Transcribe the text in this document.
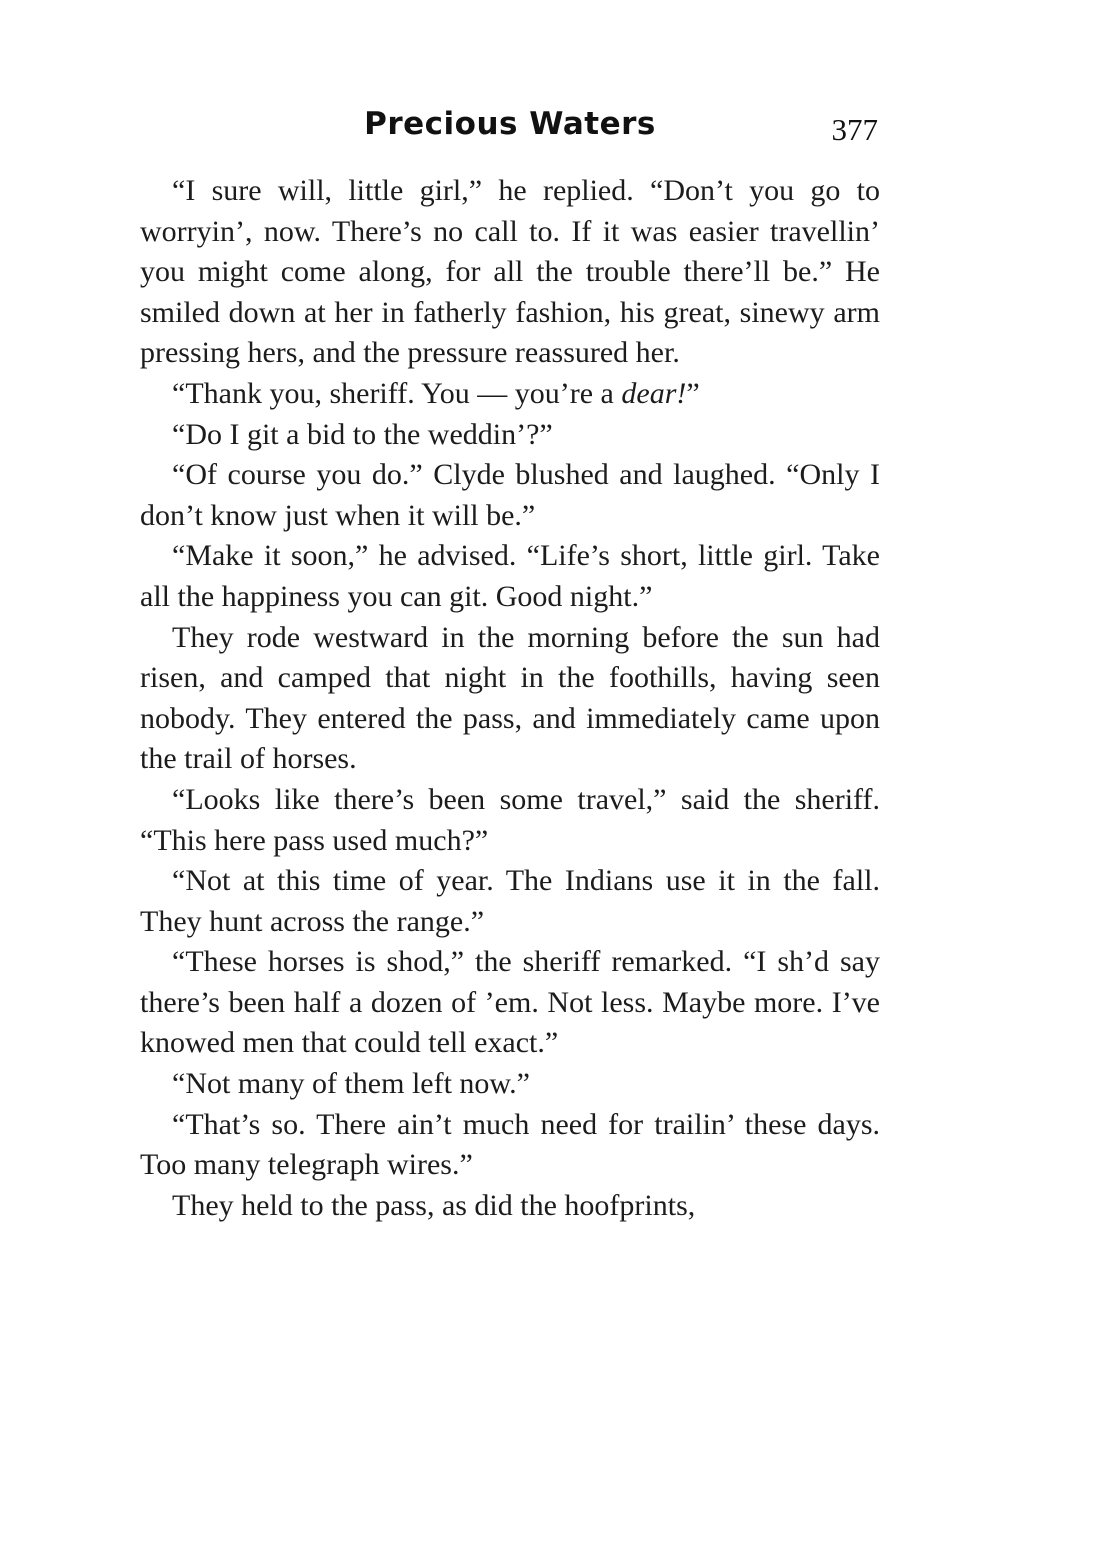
Precious Waters	377

“I sure will, little girl,” he replied. “Don’t you go to worryin’, now. There’s no call to. If it was easier travellin’ you might come along, for all the trouble there’ll be.” He smiled down at her in fatherly fashion, his great, sinewy arm pressing hers, and the pressure reassured her.

“Thank you, sheriff. You — you’re a dear!”

“Do I git a bid to the weddin’?”

“Of course you do.” Clyde blushed and laughed. “Only I don’t know just when it will be.”

“Make it soon,” he advised. “Life’s short, little girl. Take all the happiness you can git. Good night.”

They rode westward in the morning before the sun had risen, and camped that night in the foothills, having seen nobody. They entered the pass, and immediately came upon the trail of horses.

“Looks like there’s been some travel,” said the sheriff. “This here pass used much?”

“Not at this time of year. The Indians use it in the fall. They hunt across the range.”

“These horses is shod,” the sheriff remarked. “I sh’d say there’s been half a dozen of ’em. Not less. Maybe more. I’ve knowed men that could tell exact.”

“Not many of them left now.”

“That’s so. There ain’t much need for trailin’ these days. Too many telegraph wires.”

They held to the pass, as did the hoofprints,
